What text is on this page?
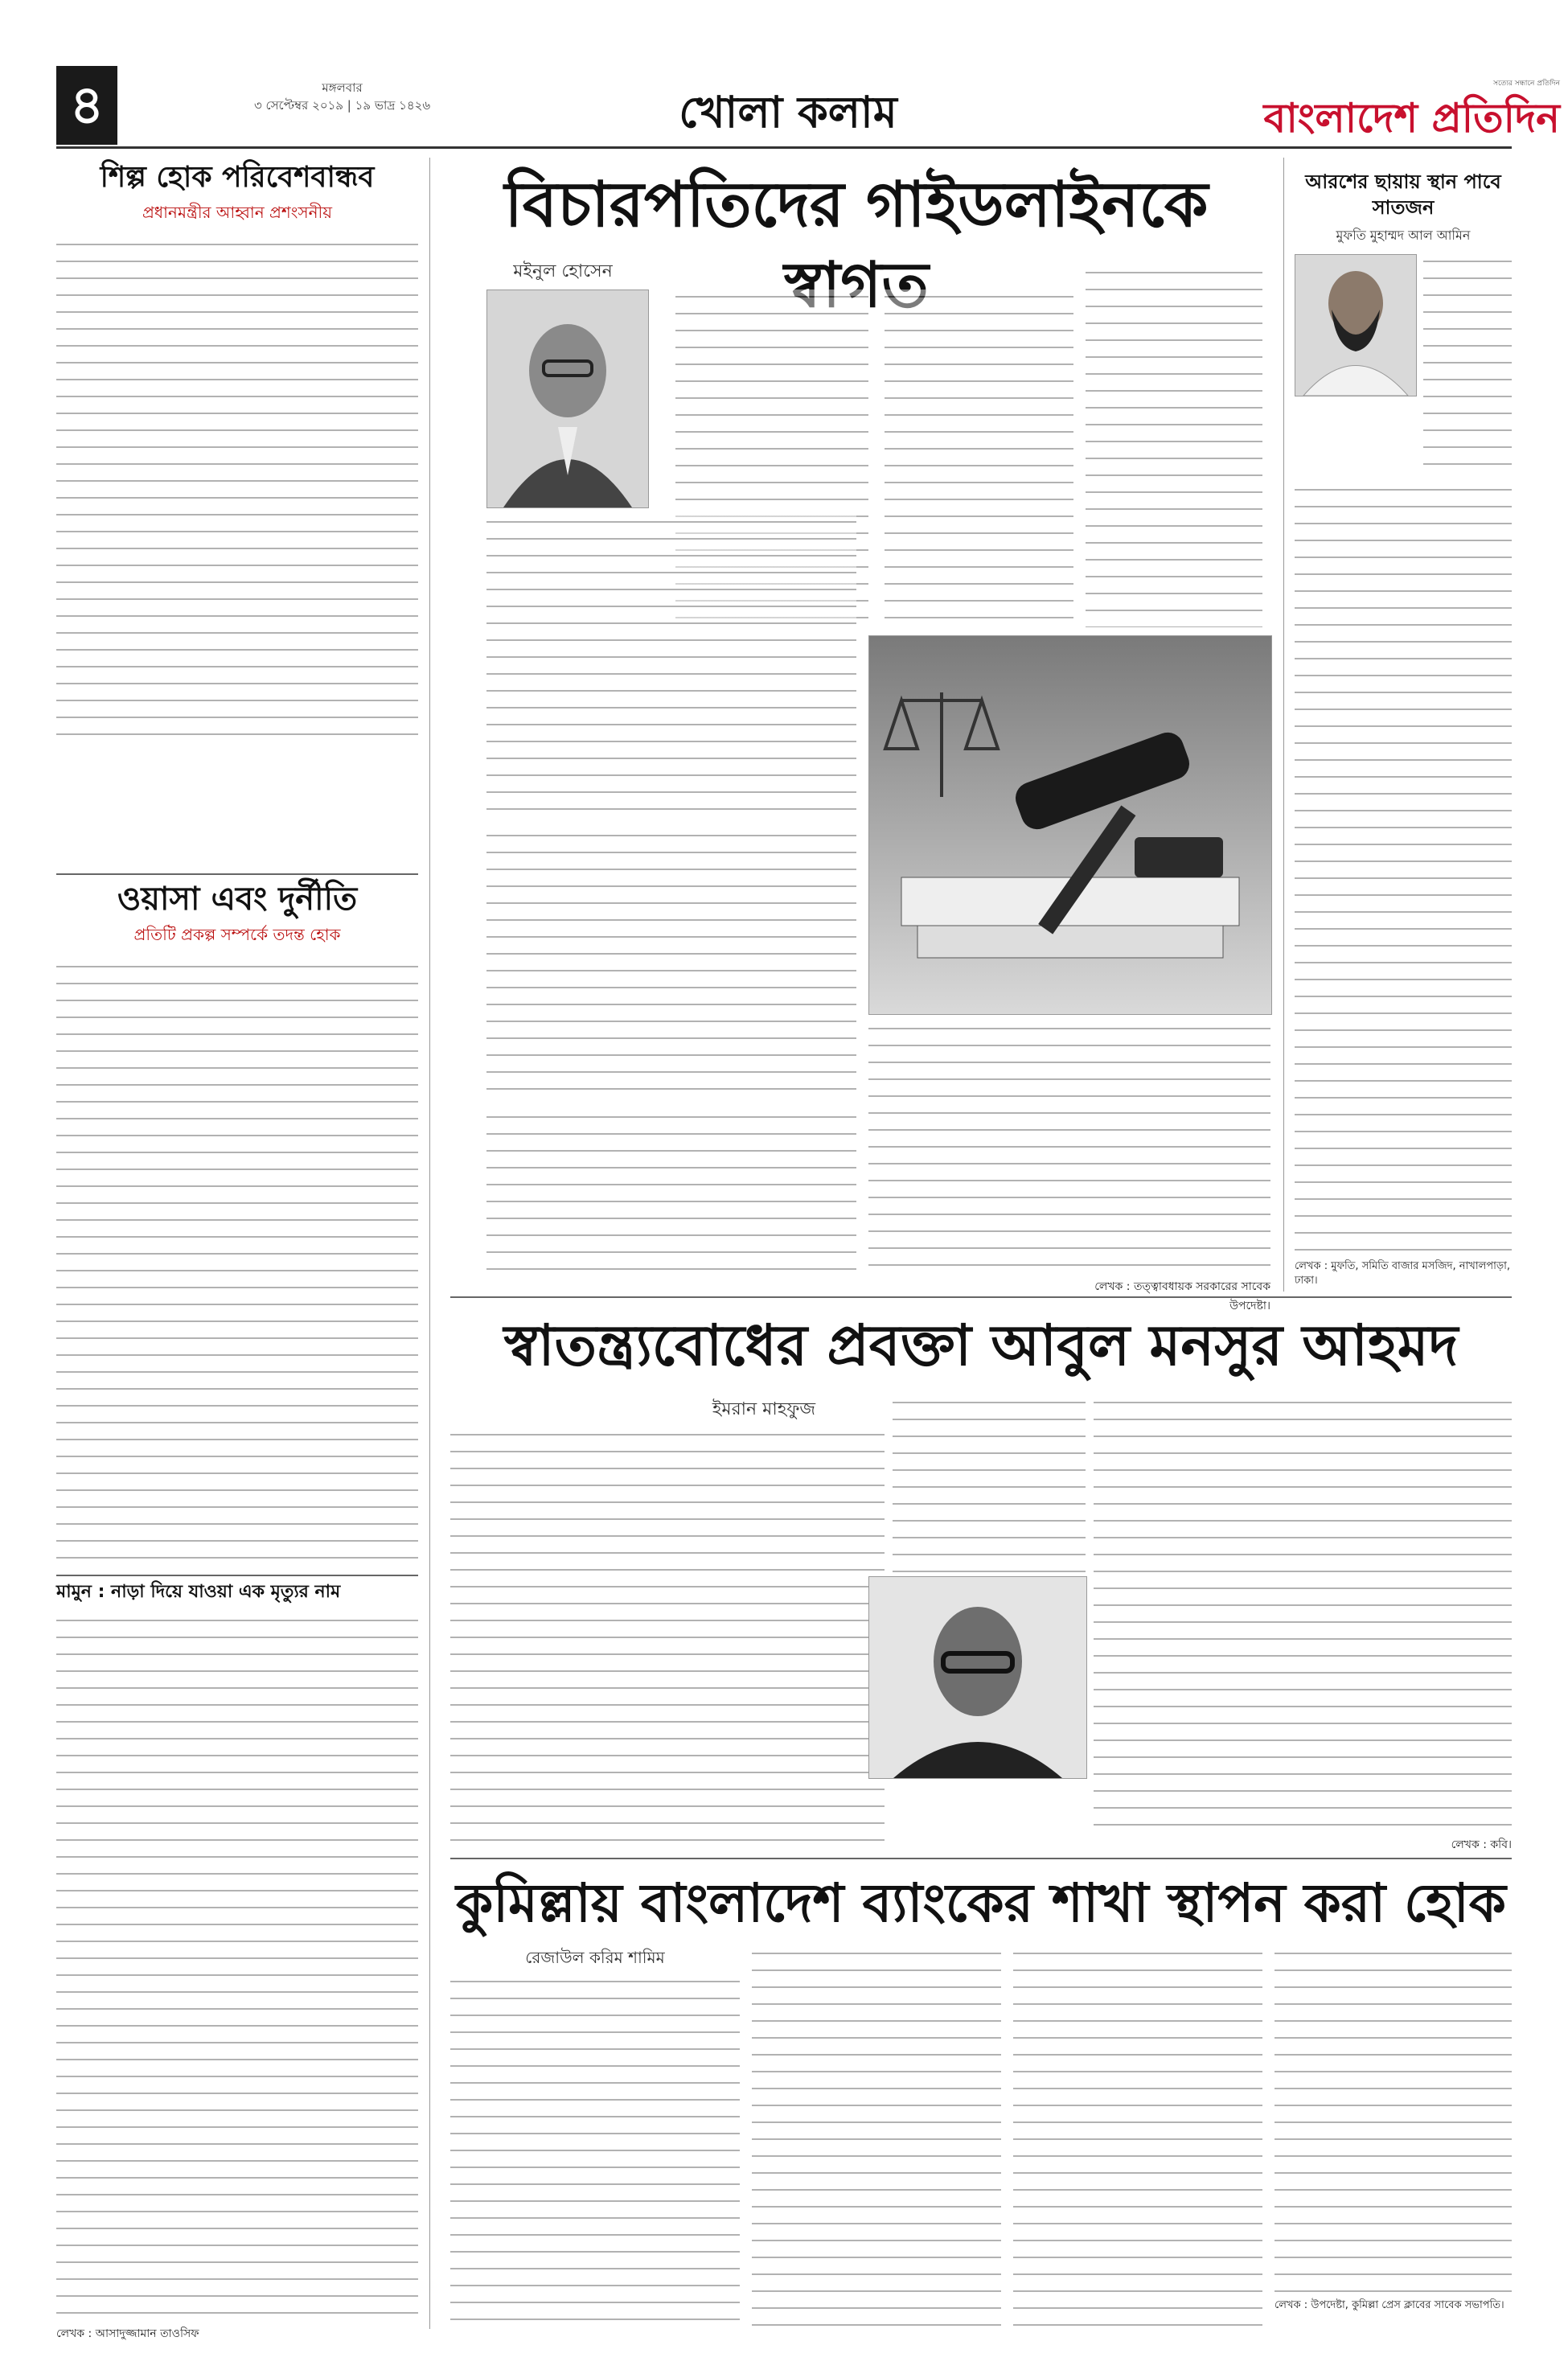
৪	মঙ্গলবার
৩ সেপ্টেম্বর ২০১৯ | ১৯ ভাদ্র ১৪২৬	খোলা কলাম
সত্যের সন্ধানে প্রতিদিন
বাংলাদেশ প্রতিদিন
শিল্প হোক পরিবেশবান্ধব
প্রধানমন্ত্রীর আহ্বান প্রশংসনীয়
ওয়াসা এবং দুর্নীতি
প্রতিটি প্রকল্প সম্পর্কে তদন্ত হোক
মামুন : নাড়া দিয়ে যাওয়া এক মৃত্যুর নাম
লেখক : আসাদুজ্জামান তাওসিফ
বিচারপতিদের গাইডলাইনকে স্বাগত
মইনুল হোসেন
লেখক : তত্ত্বাবধায়ক সরকারের সাবেক উপদেষ্টা।
আরশের ছায়ায় স্থান পাবে সাতজন
মুফতি মুহাম্মদ আল আমিন
লেখক : মুফতি, সমিতি বাজার মসজিদ, নাখালপাড়া, ঢাকা।
স্বাতন্ত্র্যবোধের প্রবক্তা আবুল মনসুর আহমদ
ইমরান মাহফুজ
লেখক : কবি।
কুমিল্লায় বাংলাদেশ ব্যাংকের শাখা স্থাপন করা হোক
রেজাউল করিম শামিম
লেখক : উপদেষ্টা, কুমিল্লা প্রেস ক্লাবের সাবেক সভাপতি।
